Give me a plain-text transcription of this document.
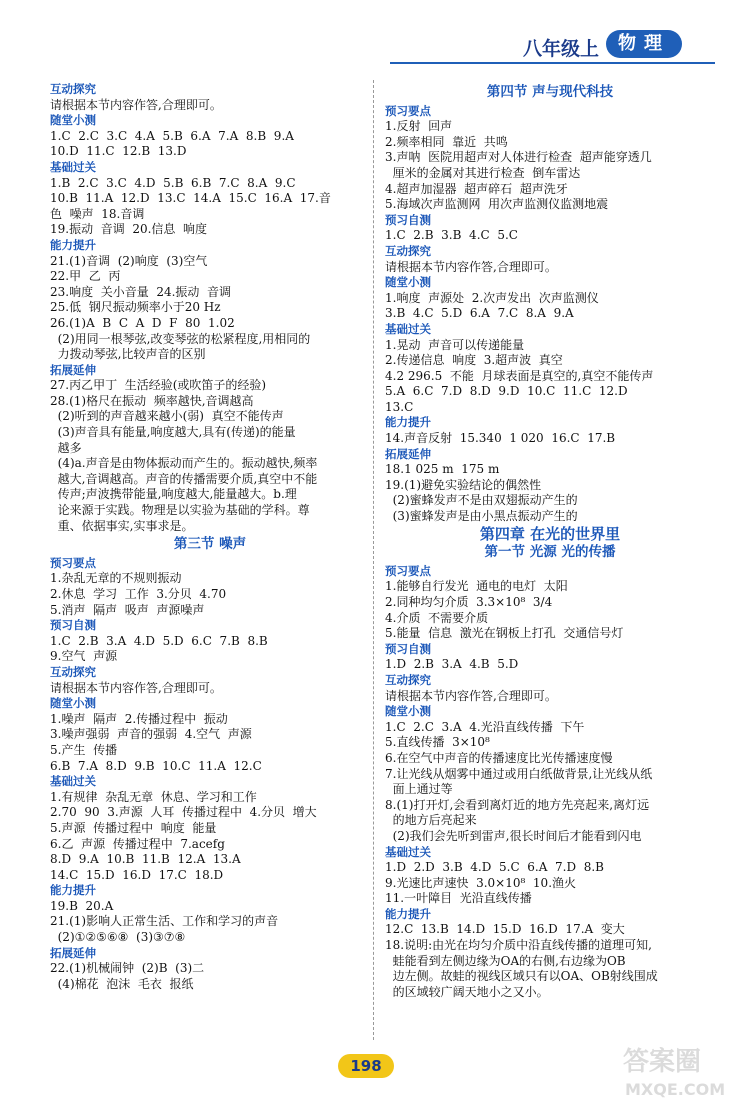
八年级上	物理
互动探究
请根据本节内容作答,合理即可。
随堂小测
1.C  2.C  3.C  4.A  5.B  6.A  7.A  8.B  9.A
10.D  11.C  12.B  13.D
基础过关
1.B  2.C  3.C  4.D  5.B  6.B  7.C  8.A  9.C
10.B  11.A  12.D  13.C  14.A  15.C  16.A  17.音
色  噪声  18.音调
19.振动  音调  20.信息  响度
能力提升
21.(1)音调  (2)响度  (3)空气
22.甲  乙  丙
23.响度  关小音量  24.振动  音调
25.低  钢尺振动频率小于20 Hz
26.(1)A  B  C  A  D  F  80  1.02
(2)用同一根琴弦,改变琴弦的松紧程度,用相同的
力拨动琴弦,比较声音的区别
拓展延伸
27.丙乙甲丁  生活经验(或吹笛子的经验)
28.(1)格尺在振动  频率越快,音调越高
(2)听到的声音越来越小(弱)  真空不能传声
(3)声音具有能量,响度越大,具有(传递)的能量
越多
(4)a.声音是由物体振动而产生的。振动越快,频率
越大,音调越高。声音的传播需要介质,真空中不能
传声;声波携带能量,响度越大,能量越大。b.理
论来源于实践。物理是以实验为基础的学科。尊
重、依据事实,实事求是。
第三节 噪声
预习要点
1.杂乱无章的不规则振动
2.休息  学习  工作  3.分贝  4.70
5.消声  隔声  吸声  声源噪声
预习自测
1.C  2.B  3.A  4.D  5.D  6.C  7.B  8.B
9.空气  声源
互动探究
请根据本节内容作答,合理即可。
随堂小测
1.噪声  隔声  2.传播过程中  振动
3.噪声强弱  声音的强弱  4.空气  声源
5.产生  传播
6.B  7.A  8.D  9.B  10.C  11.A  12.C
基础过关
1.有规律  杂乱无章  休息、学习和工作
2.70  90  3.声源  人耳  传播过程中  4.分贝  增大
5.声源  传播过程中  响度  能量
6.乙  声源  传播过程中  7.acefg
8.D  9.A  10.B  11.B  12.A  13.A
14.C  15.D  16.D  17.C  18.D
能力提升
19.B  20.A
21.(1)影响人正常生活、工作和学习的声音
(2)①②⑤⑥⑧  (3)③⑦⑧
拓展延伸
22.(1)机械闹钟  (2)B  (3)二
(4)棉花  泡沫  毛衣  报纸
第四节 声与现代科技
预习要点
1.反射  回声
2.频率相同  靠近  共鸣
3.声呐  医院用超声对人体进行检查  超声能穿透几
厘米的金属对其进行检查  倒车雷达
4.超声加湿器  超声碎石  超声洗牙
5.海域次声监测网  用次声监测仪监测地震
预习自测
1.C  2.B  3.B  4.C  5.C
互动探究
请根据本节内容作答,合理即可。
随堂小测
1.响度  声源处  2.次声发出  次声监测仪
3.B  4.C  5.D  6.A  7.C  8.A  9.A
基础过关
1.晃动  声音可以传递能量
2.传递信息  响度  3.超声波  真空
4.2 296.5  不能  月球表面是真空的,真空不能传声
5.A  6.C  7.D  8.D  9.D  10.C  11.C  12.D
13.C
能力提升
14.声音反射  15.340  1 020  16.C  17.B
拓展延伸
18.1 025 m  175 m
19.(1)避免实验结论的偶然性
(2)蜜蜂发声不是由双翅振动产生的
(3)蜜蜂发声是由小黑点振动产生的
第四章 在光的世界里
第一节 光源 光的传播
预习要点
1.能够自行发光  通电的电灯  太阳
2.同种均匀介质  3.3×10⁸  3/4
4.介质  不需要介质
5.能量  信息  激光在钢板上打孔  交通信号灯
预习自测
1.D  2.B  3.A  4.B  5.D
互动探究
请根据本节内容作答,合理即可。
随堂小测
1.C  2.C  3.A  4.光沿直线传播  下午
5.直线传播  3×10⁸
6.在空气中声音的传播速度比光传播速度慢
7.让光线从烟雾中通过或用白纸做背景,让光线从纸
面上通过等
8.(1)打开灯,会看到离灯近的地方先亮起来,离灯远
的地方后亮起来
(2)我们会先听到雷声,很长时间后才能看到闪电
基础过关
1.D  2.D  3.B  4.D  5.C  6.A  7.D  8.B
9.光速比声速快  3.0×10⁸  10.渔火
11.一叶障目  光沿直线传播
能力提升
12.C  13.B  14.D  15.D  16.D  17.A  变大
18.说明:由光在均匀介质中沿直线传播的道理可知,
蛙能看到左侧边缘为OA的右侧,右边缘为OB
边左侧。故蛙的视线区域只有以OA、OB射线围成
的区域较广阔天地小之又小。
198	答案圈
MXQE.COM
